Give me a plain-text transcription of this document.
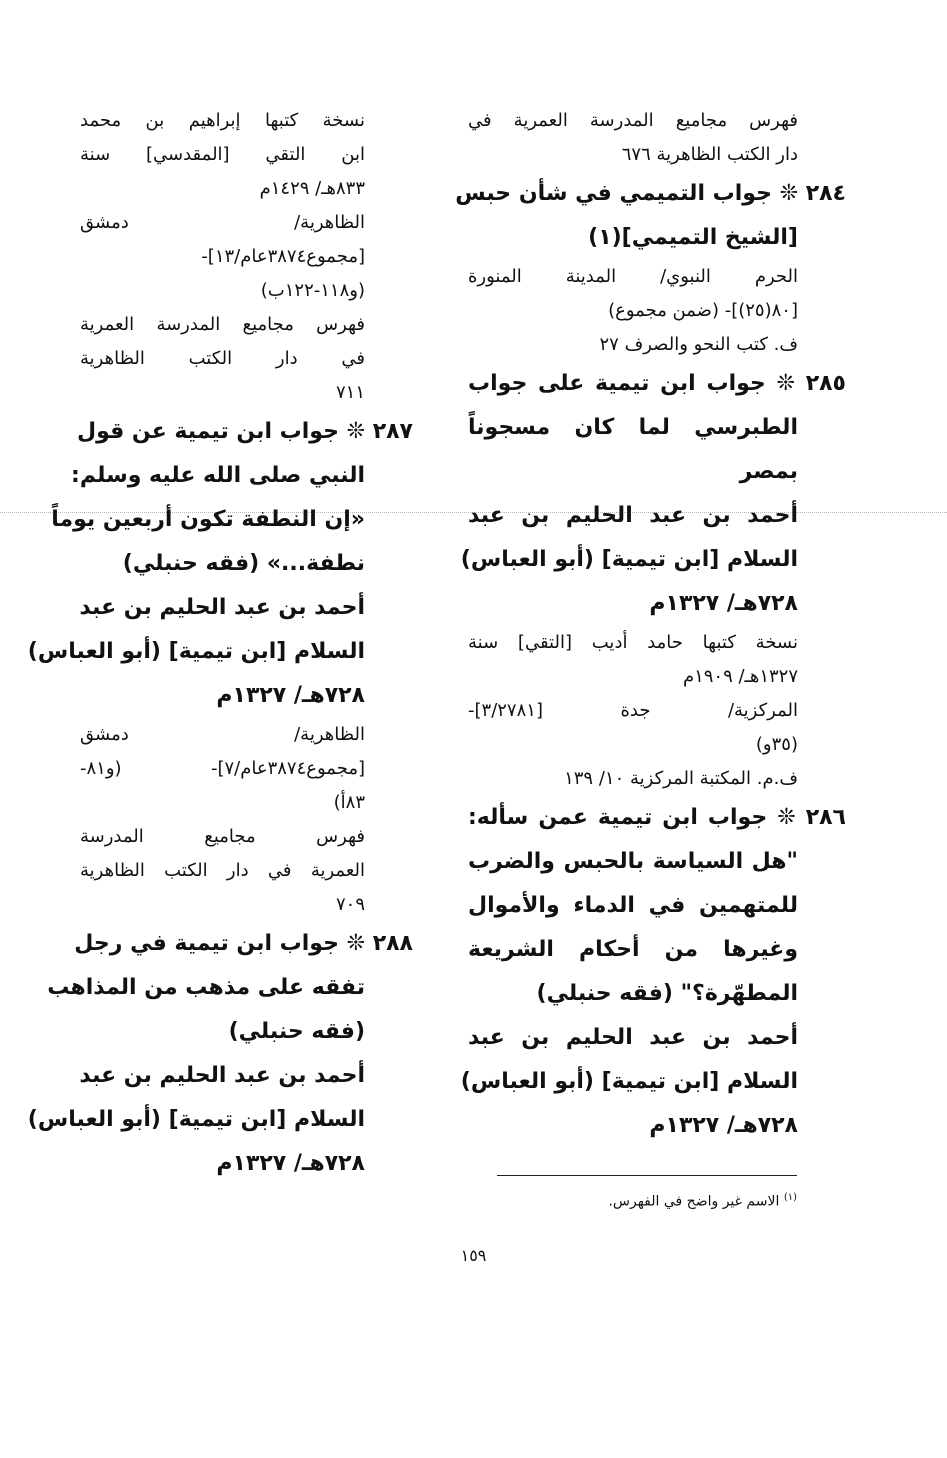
فهرس مجاميع المدرسة العمرية في
دار الكتب الظاهرية ٦٧٦
٢٨٤ ❊ جواب التميمي في شأن حبس
[الشيخ التميمي](١)
الحرم النبوي/ المدينة المنورة
[٨٠(٢٥)]- (ضمن مجموع)
ف. كتب النحو والصرف ٢٧
٢٨٥ ❊ جواب ابن تيمية على جواب
الطبرسي لما كان مسجوناً
بمصر
أحمد بن عبد الحليم بن عبد
السلام [ابن تيمية] (أبو العباس)
٧٢٨هـ/ ١٣٢٧م
نسخة كتبها حامد أديب [التقي] سنة
١٣٢٧هـ/ ١٩٠٩م
المركزية/ جدة [٣/٢٧٨١]-
(٣٥و)
ف.م. المكتبة المركزية ١٠/ ١٣٩
٢٨٦ ❊ جواب ابن تيمية عمن سأله:
"هل السياسة بالحبس والضرب
للمتهمين في الدماء والأموال
وغيرها من أحكام الشريعة
المطهّرة؟" (فقه حنبلي)
أحمد بن عبد الحليم بن عبد
السلام [ابن تيمية] (أبو العباس)
٧٢٨هـ/ ١٣٢٧م
نسخة كتبها إبراهيم بن محمد
ابن التقي [المقدسي] سنة
٨٣٣هـ/ ١٤٢٩م
الظاهرية/ دمشق
[مجموع٣٨٧٤عام/١٣]-
(و١١٨-١٢٢ب)
فهرس مجاميع المدرسة العمرية
في دار الكتب الظاهرية
٧١١
٢٨٧ ❊ جواب ابن تيمية عن قول
النبي صلى الله عليه وسلم:
«إن النطفة تكون أربعين يوماً
نطفة...» (فقه حنبلي)
أحمد بن عبد الحليم بن عبد
السلام [ابن تيمية] (أبو العباس)
٧٢٨هـ/ ١٣٢٧م
الظاهرية/ دمشق
[مجموع٣٨٧٤عام/٧]- (و٨١-
٨٣أ)
فهرس مجاميع المدرسة
العمرية في دار الكتب الظاهرية
٧٠٩
٢٨٨ ❊ جواب ابن تيمية في رجل
تفقه على مذهب من المذاهب
(فقه حنبلي)
أحمد بن عبد الحليم بن عبد
السلام [ابن تيمية] (أبو العباس)
٧٢٨هـ/ ١٣٢٧م
$^{(١)}$ الاسم غير واضح في الفهرس.
١٥٩
